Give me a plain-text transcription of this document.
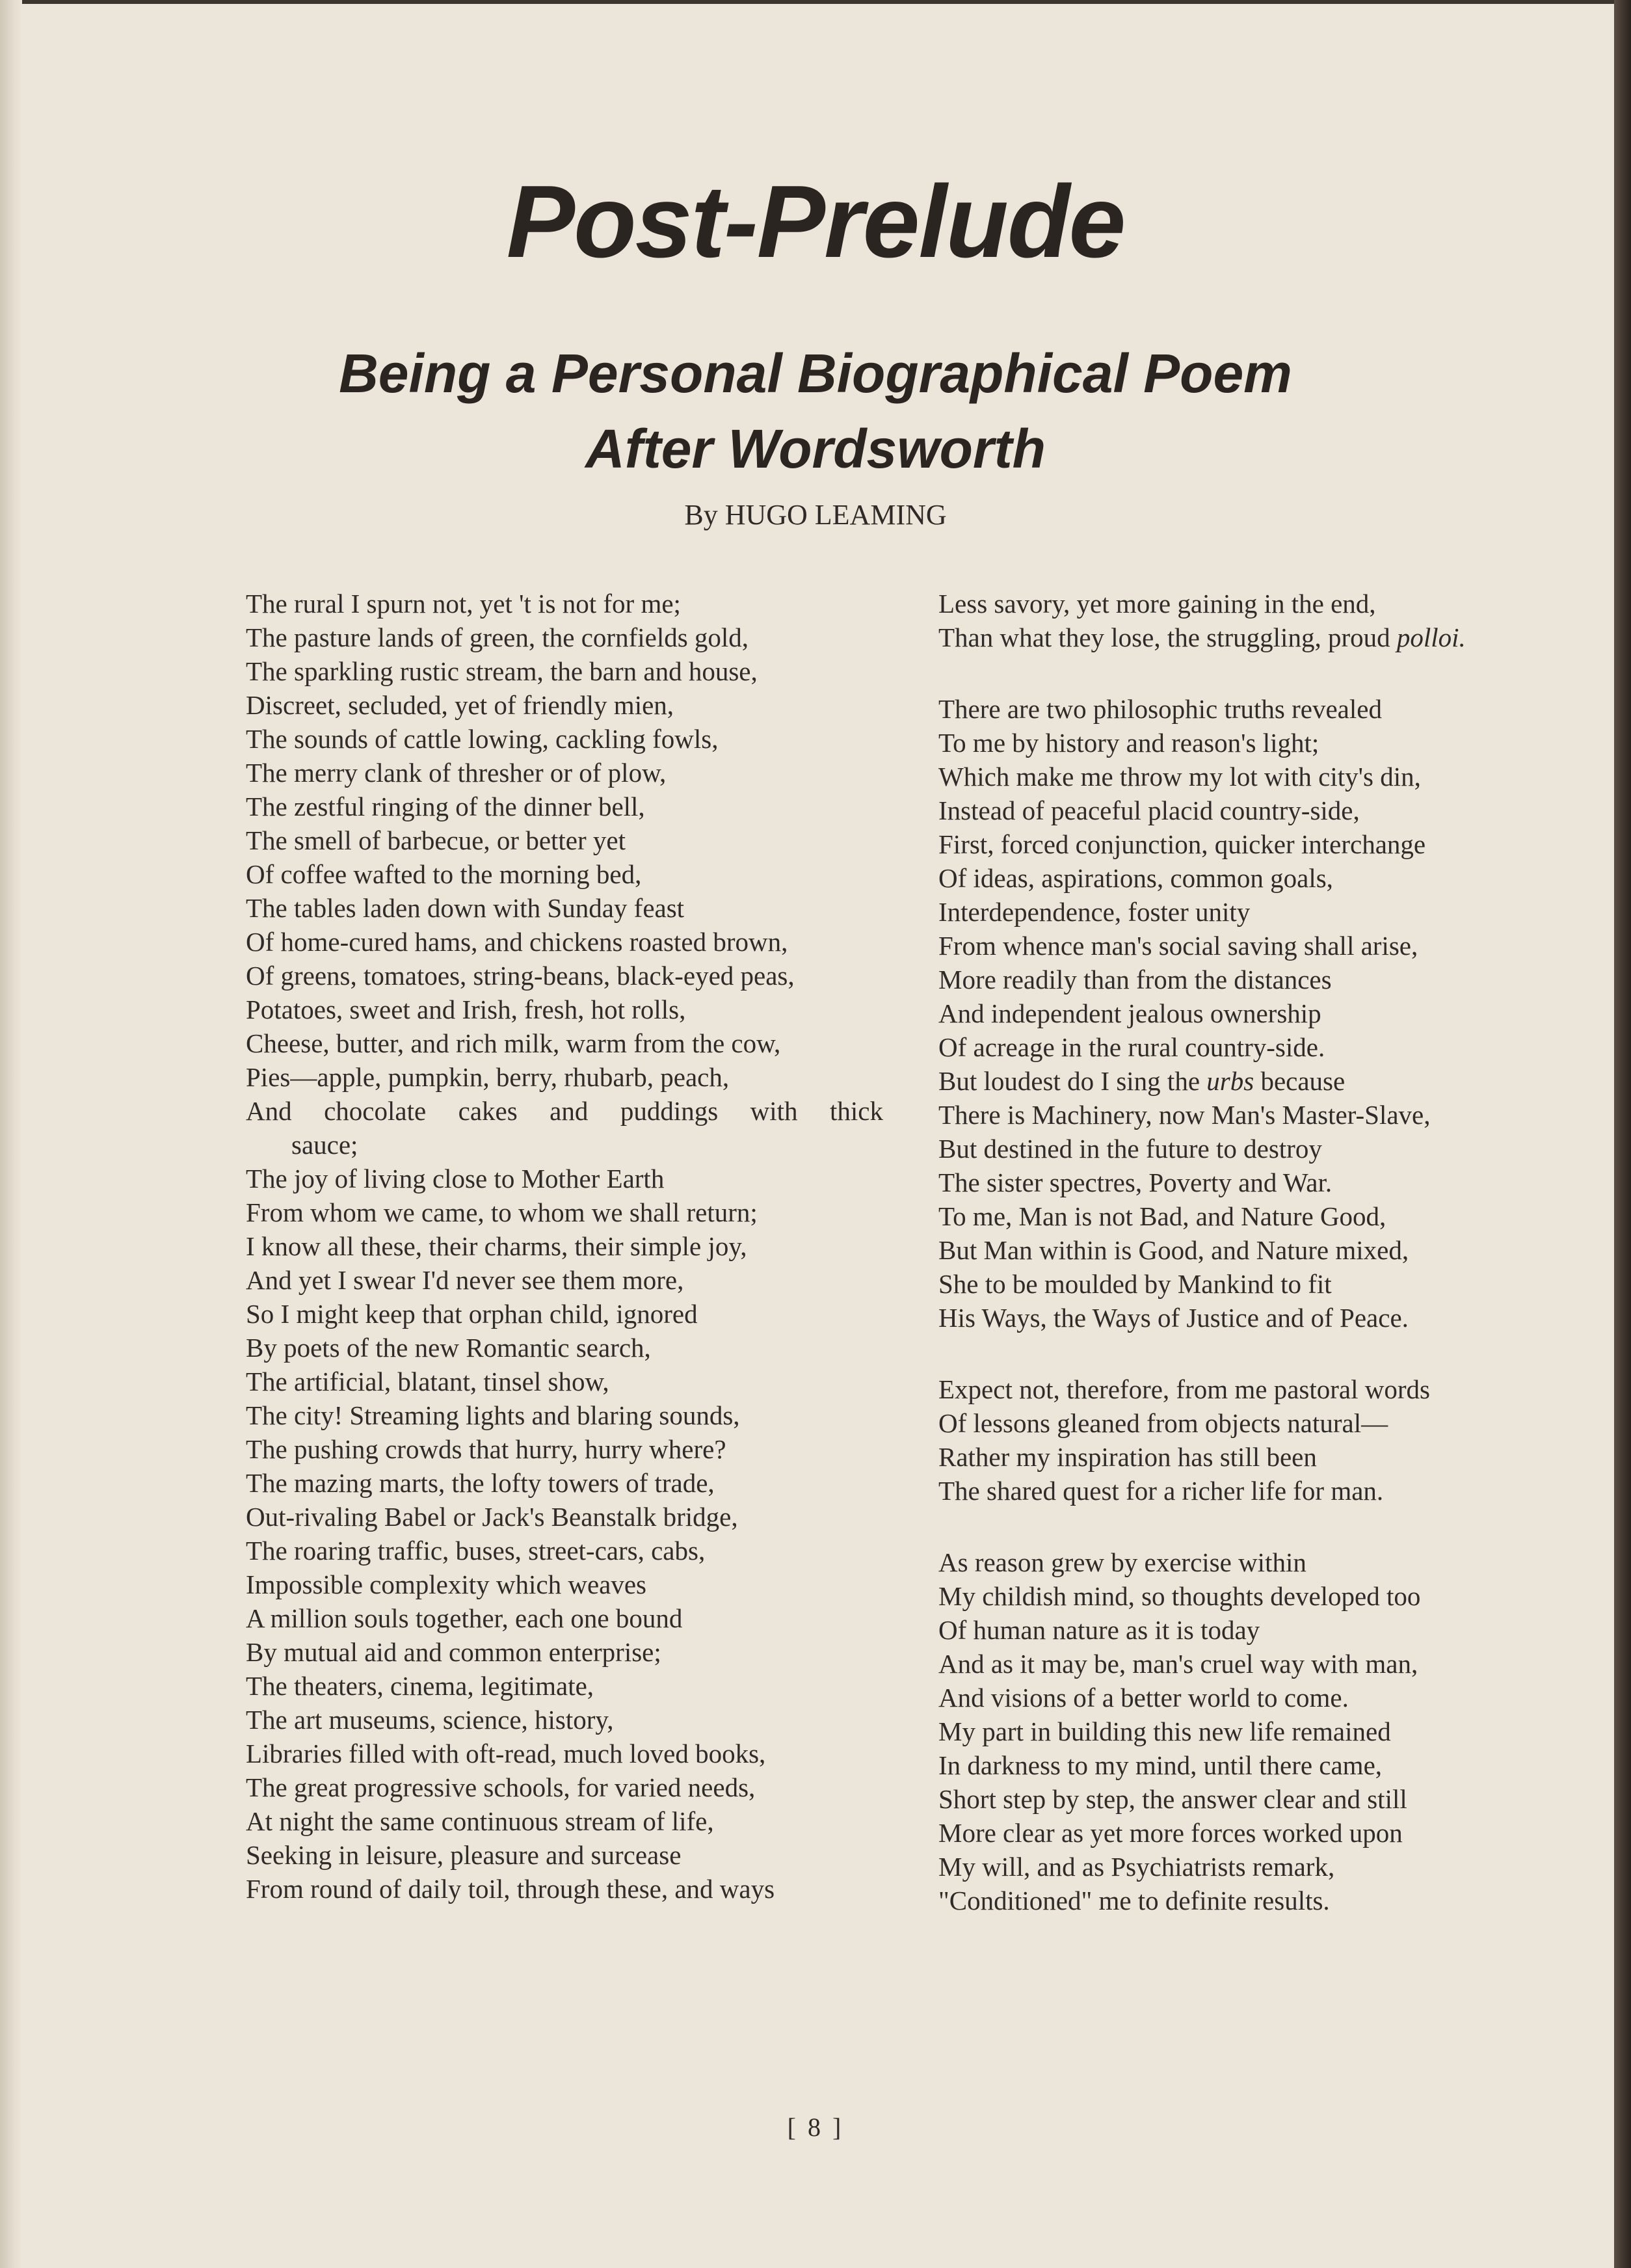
Post-Prelude
Being a Personal Biographical Poem
After Wordsworth
By HUGO LEAMING
The rural I spurn not, yet 't is not for me;
The pasture lands of green, the cornfields gold,
The sparkling rustic stream, the barn and house,
Discreet, secluded, yet of friendly mien,
The sounds of cattle lowing, cackling fowls,
The merry clank of thresher or of plow,
The zestful ringing of the dinner bell,
The smell of barbecue, or better yet
Of coffee wafted to the morning bed,
The tables laden down with Sunday feast
Of home-cured hams, and chickens roasted brown,
Of greens, tomatoes, string-beans, black-eyed peas,
Potatoes, sweet and Irish, fresh, hot rolls,
Cheese, butter, and rich milk, warm from the cow,
Pies—apple, pumpkin, berry, rhubarb, peach,
And chocolate cakes and puddings with thick
sauce;
The joy of living close to Mother Earth
From whom we came, to whom we shall return;
I know all these, their charms, their simple joy,
And yet I swear I'd never see them more,
So I might keep that orphan child, ignored
By poets of the new Romantic search,
The artificial, blatant, tinsel show,
The city! Streaming lights and blaring sounds,
The pushing crowds that hurry, hurry where?
The mazing marts, the lofty towers of trade,
Out-rivaling Babel or Jack's Beanstalk bridge,
The roaring traffic, buses, street-cars, cabs,
Impossible complexity which weaves
A million souls together, each one bound
By mutual aid and common enterprise;
The theaters, cinema, legitimate,
The art museums, science, history,
Libraries filled with oft-read, much loved books,
The great progressive schools, for varied needs,
At night the same continuous stream of life,
Seeking in leisure, pleasure and surcease
From round of daily toil, through these, and ways
Less savory, yet more gaining in the end,
Than what they lose, the struggling, proud polloi.
There are two philosophic truths revealed
To me by history and reason's light;
Which make me throw my lot with city's din,
Instead of peaceful placid country-side,
First, forced conjunction, quicker interchange
Of ideas, aspirations, common goals,
Interdependence, foster unity
From whence man's social saving shall arise,
More readily than from the distances
And independent jealous ownership
Of acreage in the rural country-side.
But loudest do I sing the urbs because
There is Machinery, now Man's Master-Slave,
But destined in the future to destroy
The sister spectres, Poverty and War.
To me, Man is not Bad, and Nature Good,
But Man within is Good, and Nature mixed,
She to be moulded by Mankind to fit
His Ways, the Ways of Justice and of Peace.
Expect not, therefore, from me pastoral words
Of lessons gleaned from objects natural—
Rather my inspiration has still been
The shared quest for a richer life for man.
As reason grew by exercise within
My childish mind, so thoughts developed too
Of human nature as it is today
And as it may be, man's cruel way with man,
And visions of a better world to come.
My part in building this new life remained
In darkness to my mind, until there came,
Short step by step, the answer clear and still
More clear as yet more forces worked upon
My will, and as Psychiatrists remark,
"Conditioned" me to definite results.
[ 8 ]
